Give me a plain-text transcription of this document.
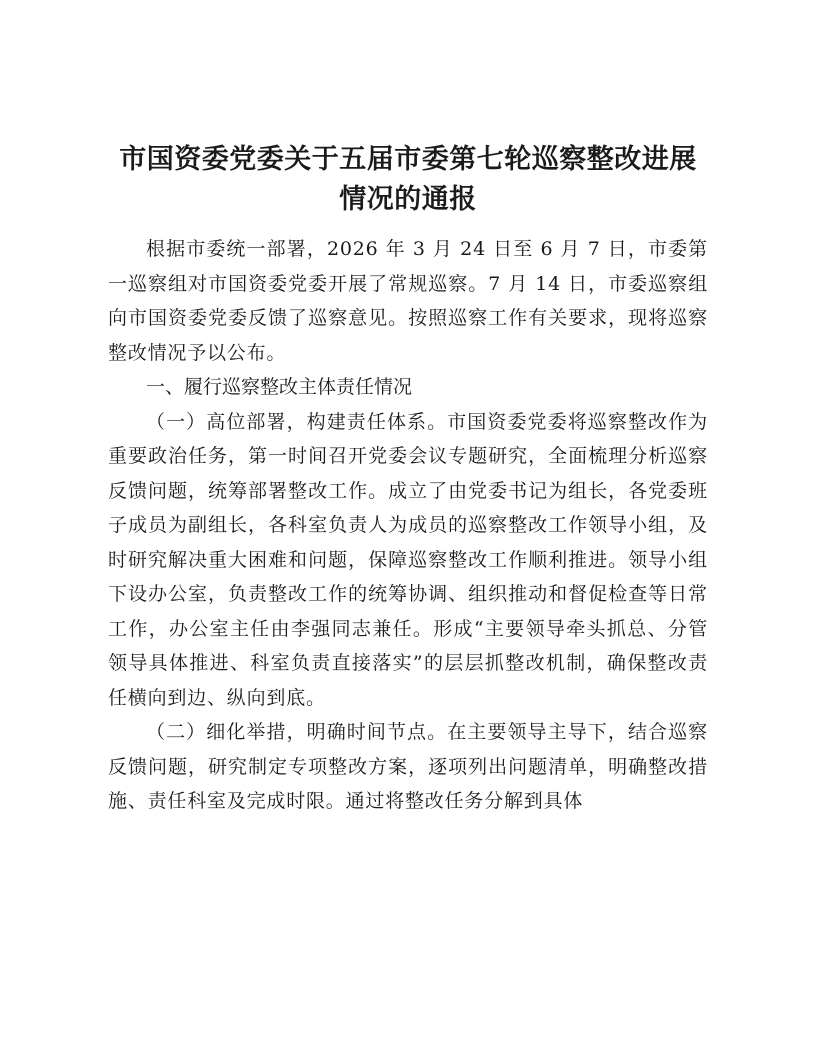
市国资委党委关于五届市委第七轮巡察整改进展情况的通报

根据市委统一部署，2026 年 3 月 24 日至 6 月 7 日，市委第一巡察组对市国资委党委开展了常规巡察。7 月 14 日，市委巡察组向市国资委党委反馈了巡察意见。按照巡察工作有关要求，现将巡察整改情况予以公布。

一、履行巡察整改主体责任情况

（一）高位部署，构建责任体系。市国资委党委将巡察整改作为重要政治任务，第一时间召开党委会议专题研究，全面梳理分析巡察反馈问题，统筹部署整改工作。成立了由党委书记为组长，各党委班子成员为副组长，各科室负责人为成员的巡察整改工作领导小组，及时研究解决重大困难和问题，保障巡察整改工作顺利推进。领导小组下设办公室，负责整改工作的统筹协调、组织推动和督促检查等日常工作，办公室主任由李强同志兼任。形成“主要领导牵头抓总、分管领导具体推进、科室负责直接落实”的层层抓整改机制，确保整改责任横向到边、纵向到底。

（二）细化举措，明确时间节点。在主要领导主导下，结合巡察反馈问题，研究制定专项整改方案，逐项列出问题清单，明确整改措施、责任科室及完成时限。通过将整改任务分解到具体
